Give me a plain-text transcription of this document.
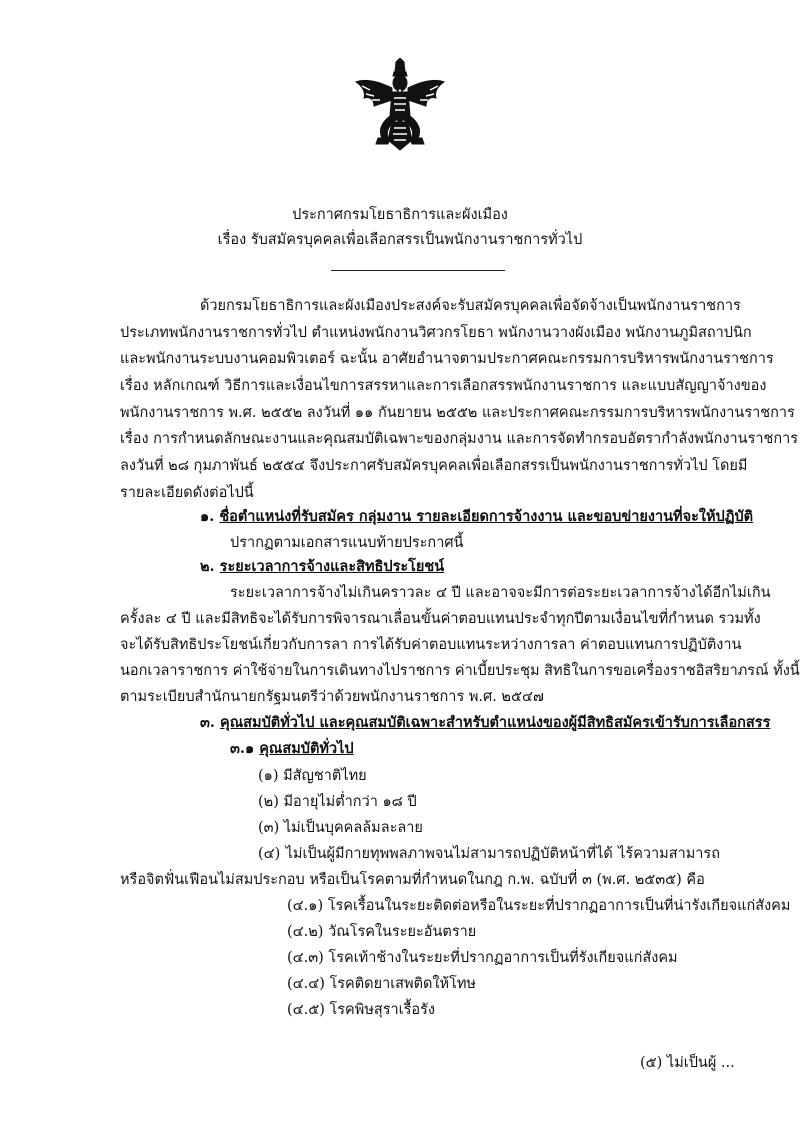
ประกาศกรมโยธาธิการและผังเมือง
เรื่อง รับสมัครบุคคลเพื่อเลือกสรรเป็นพนักงานราชการทั่วไป
ด้วยกรมโยธาธิการและผังเมืองประสงค์จะรับสมัครบุคคลเพื่อจัดจ้างเป็นพนักงานราชการ
ประเภทพนักงานราชการทั่วไป ตำแหน่งพนักงานวิศวกรโยธา พนักงานวางผังเมือง พนักงานภูมิสถาปนิก
และพนักงานระบบงานคอมพิวเตอร์ ฉะนั้น อาศัยอำนาจตามประกาศคณะกรรมการบริหารพนักงานราชการ
เรื่อง หลักเกณฑ์ วิธีการและเงื่อนไขการสรรหาและการเลือกสรรพนักงานราชการ และแบบสัญญาจ้างของ
พนักงานราชการ พ.ศ. ๒๕๕๒ ลงวันที่ ๑๑ กันยายน ๒๕๕๒ และประกาศคณะกรรมการบริหารพนักงานราชการ
เรื่อง การกำหนดลักษณะงานและคุณสมบัติเฉพาะของกลุ่มงาน และการจัดทำกรอบอัตรากำลังพนักงานราชการ
ลงวันที่ ๒๘ กุมภาพันธ์ ๒๕๕๔ จึงประกาศรับสมัครบุคคลเพื่อเลือกสรรเป็นพนักงานราชการทั่วไป โดยมี
รายละเอียดดังต่อไปนี้
๑. ชื่อตำแหน่งที่รับสมัคร กลุ่มงาน รายละเอียดการจ้างงาน และขอบข่ายงานที่จะให้ปฏิบัติ
ปรากฏตามเอกสารแนบท้ายประกาศนี้
๒. ระยะเวลาการจ้างและสิทธิประโยชน์
ระยะเวลาการจ้างไม่เกินคราวละ ๔ ปี และอาจจะมีการต่อระยะเวลาการจ้างได้อีกไม่เกิน
ครั้งละ ๔ ปี และมีสิทธิจะได้รับการพิจารณาเลื่อนขั้นค่าตอบแทนประจำทุกปีตามเงื่อนไขที่กำหนด รวมทั้ง
จะได้รับสิทธิประโยชน์เกี่ยวกับการลา การได้รับค่าตอบแทนระหว่างการลา ค่าตอบแทนการปฏิบัติงาน
นอกเวลาราชการ ค่าใช้จ่ายในการเดินทางไปราชการ ค่าเบี้ยประชุม สิทธิในการขอเครื่องราชอิสริยาภรณ์ ทั้งนี้
ตามระเบียบสำนักนายกรัฐมนตรีว่าด้วยพนักงานราชการ พ.ศ. ๒๕๔๗
๓. คุณสมบัติทั่วไป และคุณสมบัติเฉพาะสำหรับตำแหน่งของผู้มีสิทธิสมัครเข้ารับการเลือกสรร
๓.๑ คุณสมบัติทั่วไป
(๑) มีสัญชาติไทย
(๒) มีอายุไม่ต่ำกว่า ๑๘ ปี
(๓) ไม่เป็นบุคคลล้มละลาย
(๔) ไม่เป็นผู้มีกายทุพพลภาพจนไม่สามารถปฏิบัติหน้าที่ได้ ไร้ความสามารถ
หรือจิตฟั่นเฟือนไม่สมประกอบ หรือเป็นโรคตามที่กำหนดในกฎ ก.พ. ฉบับที่ ๓ (พ.ศ. ๒๕๓๕) คือ
(๔.๑) โรคเรื้อนในระยะติดต่อหรือในระยะที่ปรากฏอาการเป็นที่น่ารังเกียจแก่สังคม
(๔.๒) วัณโรคในระยะอันตราย
(๔.๓) โรคเท้าช้างในระยะที่ปรากฏอาการเป็นที่รังเกียจแก่สังคม
(๔.๔) โรคติดยาเสพติดให้โทษ
(๔.๕) โรคพิษสุราเรื้อรัง
(๕) ไม่เป็นผู้ ...
